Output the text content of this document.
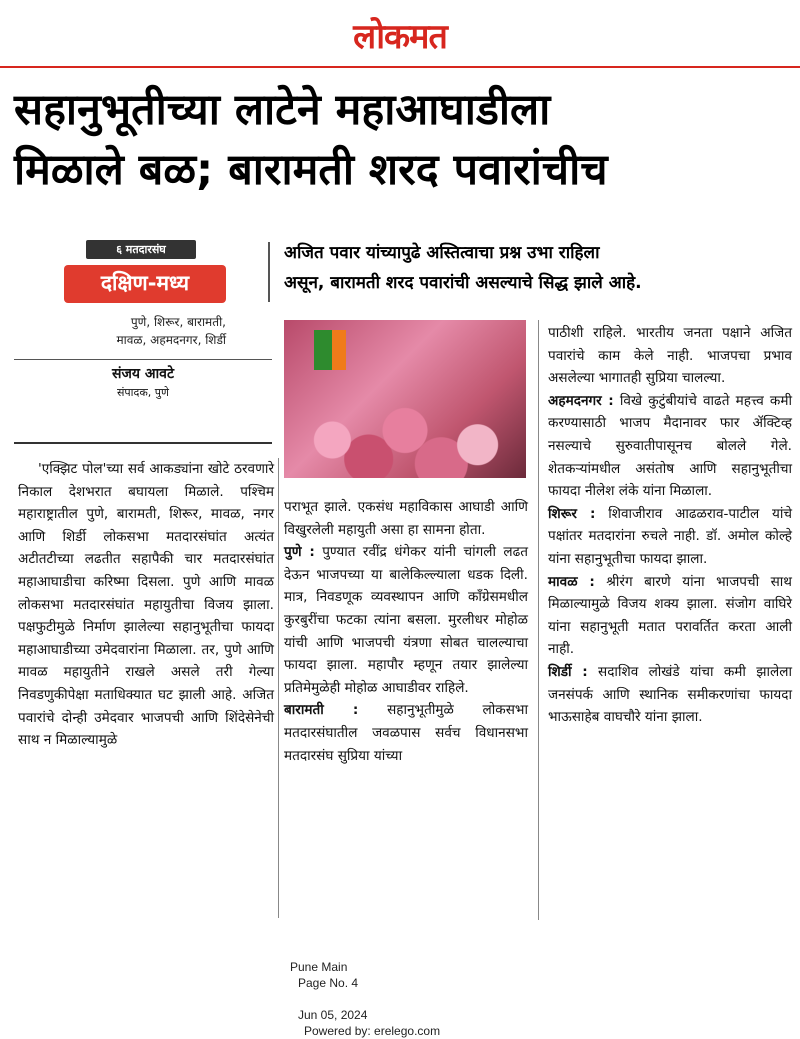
लोकमत
सहानुभूतीच्या लाटेने महाआघाडीला
मिळाले बळ; बारामती शरद पवारांचीच
६ मतदारसंघ
दक्षिण-मध्य
पुणे, शिरूर, बारामती,
मावळ, अहमदनगर, शिर्डी
संजय आवटे
संपादक, पुणे
अजित पवार यांच्यापुढे अस्तित्वाचा प्रश्न उभा राहिला
असून, बारामती शरद पवारांची असल्याचे सिद्ध झाले आहे.

'एक्झिट पोल'च्या सर्व आकड्यांना खोटे ठरवणारे निकाल देशभरात बघायला मिळाले. पश्चिम महाराष्ट्रातील पुणे, बारामती, शिरूर, मावळ, नगर आणि शिर्डी लोकसभा मतदारसंघांत अत्यंत अटीतटीच्या लढतीत सहापैकी चार मतदारसंघांत महाआघाडीचा करिष्मा दिसला. पुणे आणि मावळ लोकसभा मतदारसंघांत महायुतीचा विजय झाला. पक्षफुटीमुळे निर्माण झालेल्या सहानुभूतीचा फायदा महाआघाडीच्या उमेदवारांना मिळाला. तर, पुणे आणि मावळ महायुतीने राखले असले तरी गेल्या निवडणुकीपेक्षा मताधिक्यात घट झाली आहे. अजित पवारांचे दोन्ही उमेदवार भाजपची आणि शिंदेसेनेची साथ न मिळाल्यामुळे

पराभूत झाले. एकसंध महाविकास आघाडी आणि विखुरलेली महायुती असा हा सामना होता.

पुणे : पुण्यात रवींद्र धंगेकर यांनी चांगली लढत देऊन भाजपच्या या बालेकिल्ल्याला धडक दिली. मात्र, निवडणूक व्यवस्थापन आणि काँग्रेसमधील कुरबुरींचा फटका त्यांना बसला. मुरलीधर मोहोळ यांची आणि भाजपची यंत्रणा सोबत चालल्याचा फायदा झाला. महापौर म्हणून तयार झालेल्या प्रतिमेमुळेही मोहोळ आघाडीवर राहिले.

बारामती : सहानुभूतीमुळे लोकसभा मतदारसंघातील जवळपास सर्वच विधानसभा मतदारसंघ सुप्रिया यांच्या

पाठीशी राहिले. भारतीय जनता पक्षाने अजित पवारांचे काम केले नाही. भाजपचा प्रभाव असलेल्या भागातही सुप्रिया चालल्या.

अहमदनगर : विखे कुटुंबीयांचे वाढते महत्त्व कमी करण्यासाठी भाजप मैदानावर फार ॲक्टिव्ह नसल्याचे सुरुवातीपासूनच बोलले गेले. शेतकऱ्यांमधील असंतोष आणि सहानुभूतीचा फायदा नीलेश लंके यांना मिळाला.

शिरूर : शिवाजीराव आढळराव-पाटील यांचे पक्षांतर मतदारांना रुचले नाही. डॉ. अमोल कोल्हे यांना सहानुभूतीचा फायदा झाला.

मावळ : श्रीरंग बारणे यांना भाजपची साथ मिळाल्यामुळे विजय शक्य झाला. संजोग वाघिरे यांना सहानुभूती मतात परावर्तित करता आली नाही.

शिर्डी : सदाशिव लोखंडे यांचा कमी झालेला जनसंपर्क आणि स्थानिक समीकरणांचा फायदा भाऊसाहेब वाघचौरे यांना झाला.

Pune Main
Page No. 4

Jun 05, 2024
Powered by: erelego.com
